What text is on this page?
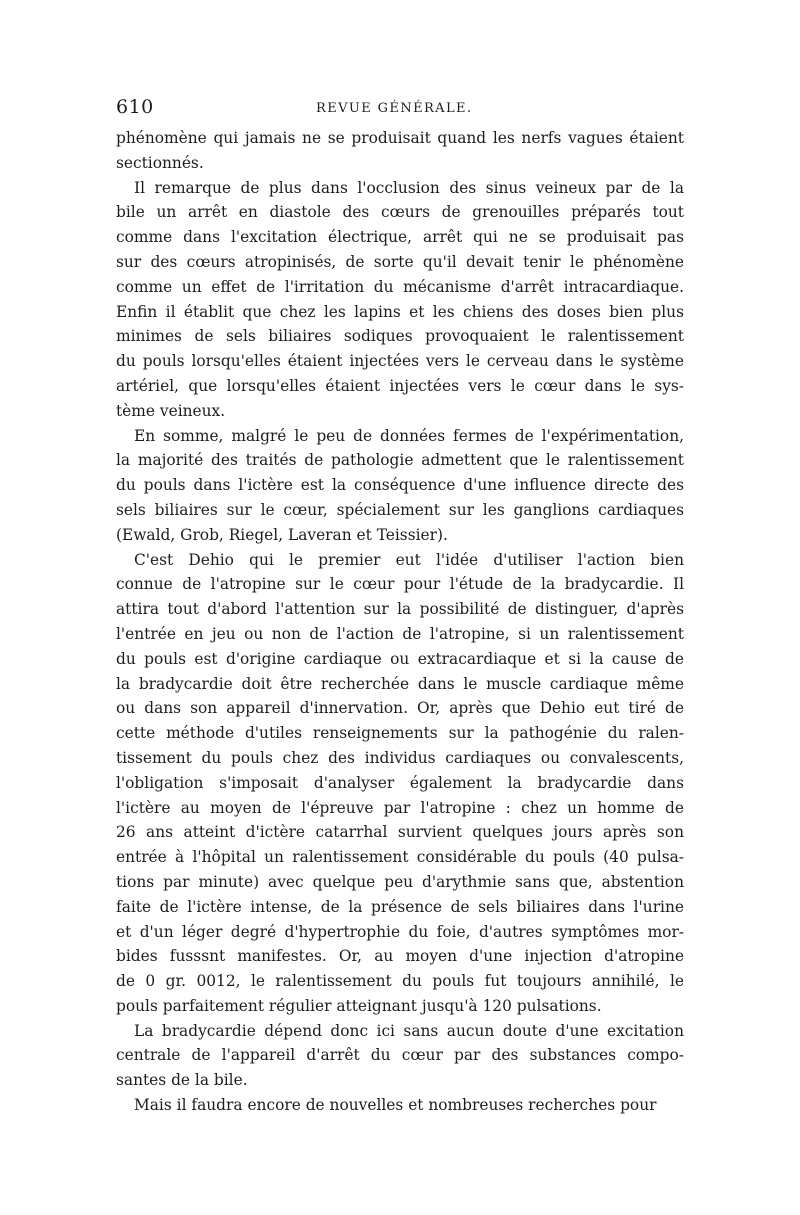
610	REVUE GÉNÉRALE.
phénomène qui jamais ne se produisait quand les nerfs vagues étaient
sectionnés.
Il remarque de plus dans l'occlusion des sinus veineux par de la
bile un arrêt en diastole des cœurs de grenouilles préparés tout
comme dans l'excitation électrique, arrêt qui ne se produisait pas
sur des cœurs atropinisés, de sorte qu'il devait tenir le phénomène
comme un effet de l'irritation du mécanisme d'arrêt intracardiaque.
Enfin il établit que chez les lapins et les chiens des doses bien plus
minimes de sels biliaires sodiques provoquaient le ralentissement
du pouls lorsqu'elles étaient injectées vers le cerveau dans le système
artériel, que lorsqu'elles étaient injectées vers le cœur dans le sys-
tème veineux.
En somme, malgré le peu de données fermes de l'expérimentation,
la majorité des traités de pathologie admettent que le ralentissement
du pouls dans l'ictère est la conséquence d'une influence directe des
sels biliaires sur le cœur, spécialement sur les ganglions cardiaques
(Ewald, Grob, Riegel, Laveran et Teissier).
C'est Dehio qui le premier eut l'idée d'utiliser l'action bien
connue de l'atropine sur le cœur pour l'étude de la bradycardie. Il
attira tout d'abord l'attention sur la possibilité de distinguer, d'après
l'entrée en jeu ou non de l'action de l'atropine, si un ralentissement
du pouls est d'origine cardiaque ou extracardiaque et si la cause de
la bradycardie doit être recherchée dans le muscle cardiaque même
ou dans son appareil d'innervation. Or, après que Dehio eut tiré de
cette méthode d'utiles renseignements sur la pathogénie du ralen-
tissement du pouls chez des individus cardiaques ou convalescents,
l'obligation s'imposait d'analyser également la bradycardie dans
l'ictère au moyen de l'épreuve par l'atropine : chez un homme de
26 ans atteint d'ictère catarrhal survient quelques jours après son
entrée à l'hôpital un ralentissement considérable du pouls (40 pulsa-
tions par minute) avec quelque peu d'arythmie sans que, abstention
faite de l'ictère intense, de la présence de sels biliaires dans l'urine
et d'un léger degré d'hypertrophie du foie, d'autres symptômes mor-
bides fusssnt manifestes. Or, au moyen d'une injection d'atropine
de 0 gr. 0012, le ralentissement du pouls fut toujours annihilé, le
pouls parfaitement régulier atteignant jusqu'à 120 pulsations.
La bradycardie dépend donc ici sans aucun doute d'une excitation
centrale de l'appareil d'arrêt du cœur par des substances compo-
santes de la bile.
Mais il faudra encore de nouvelles et nombreuses recherches pour
